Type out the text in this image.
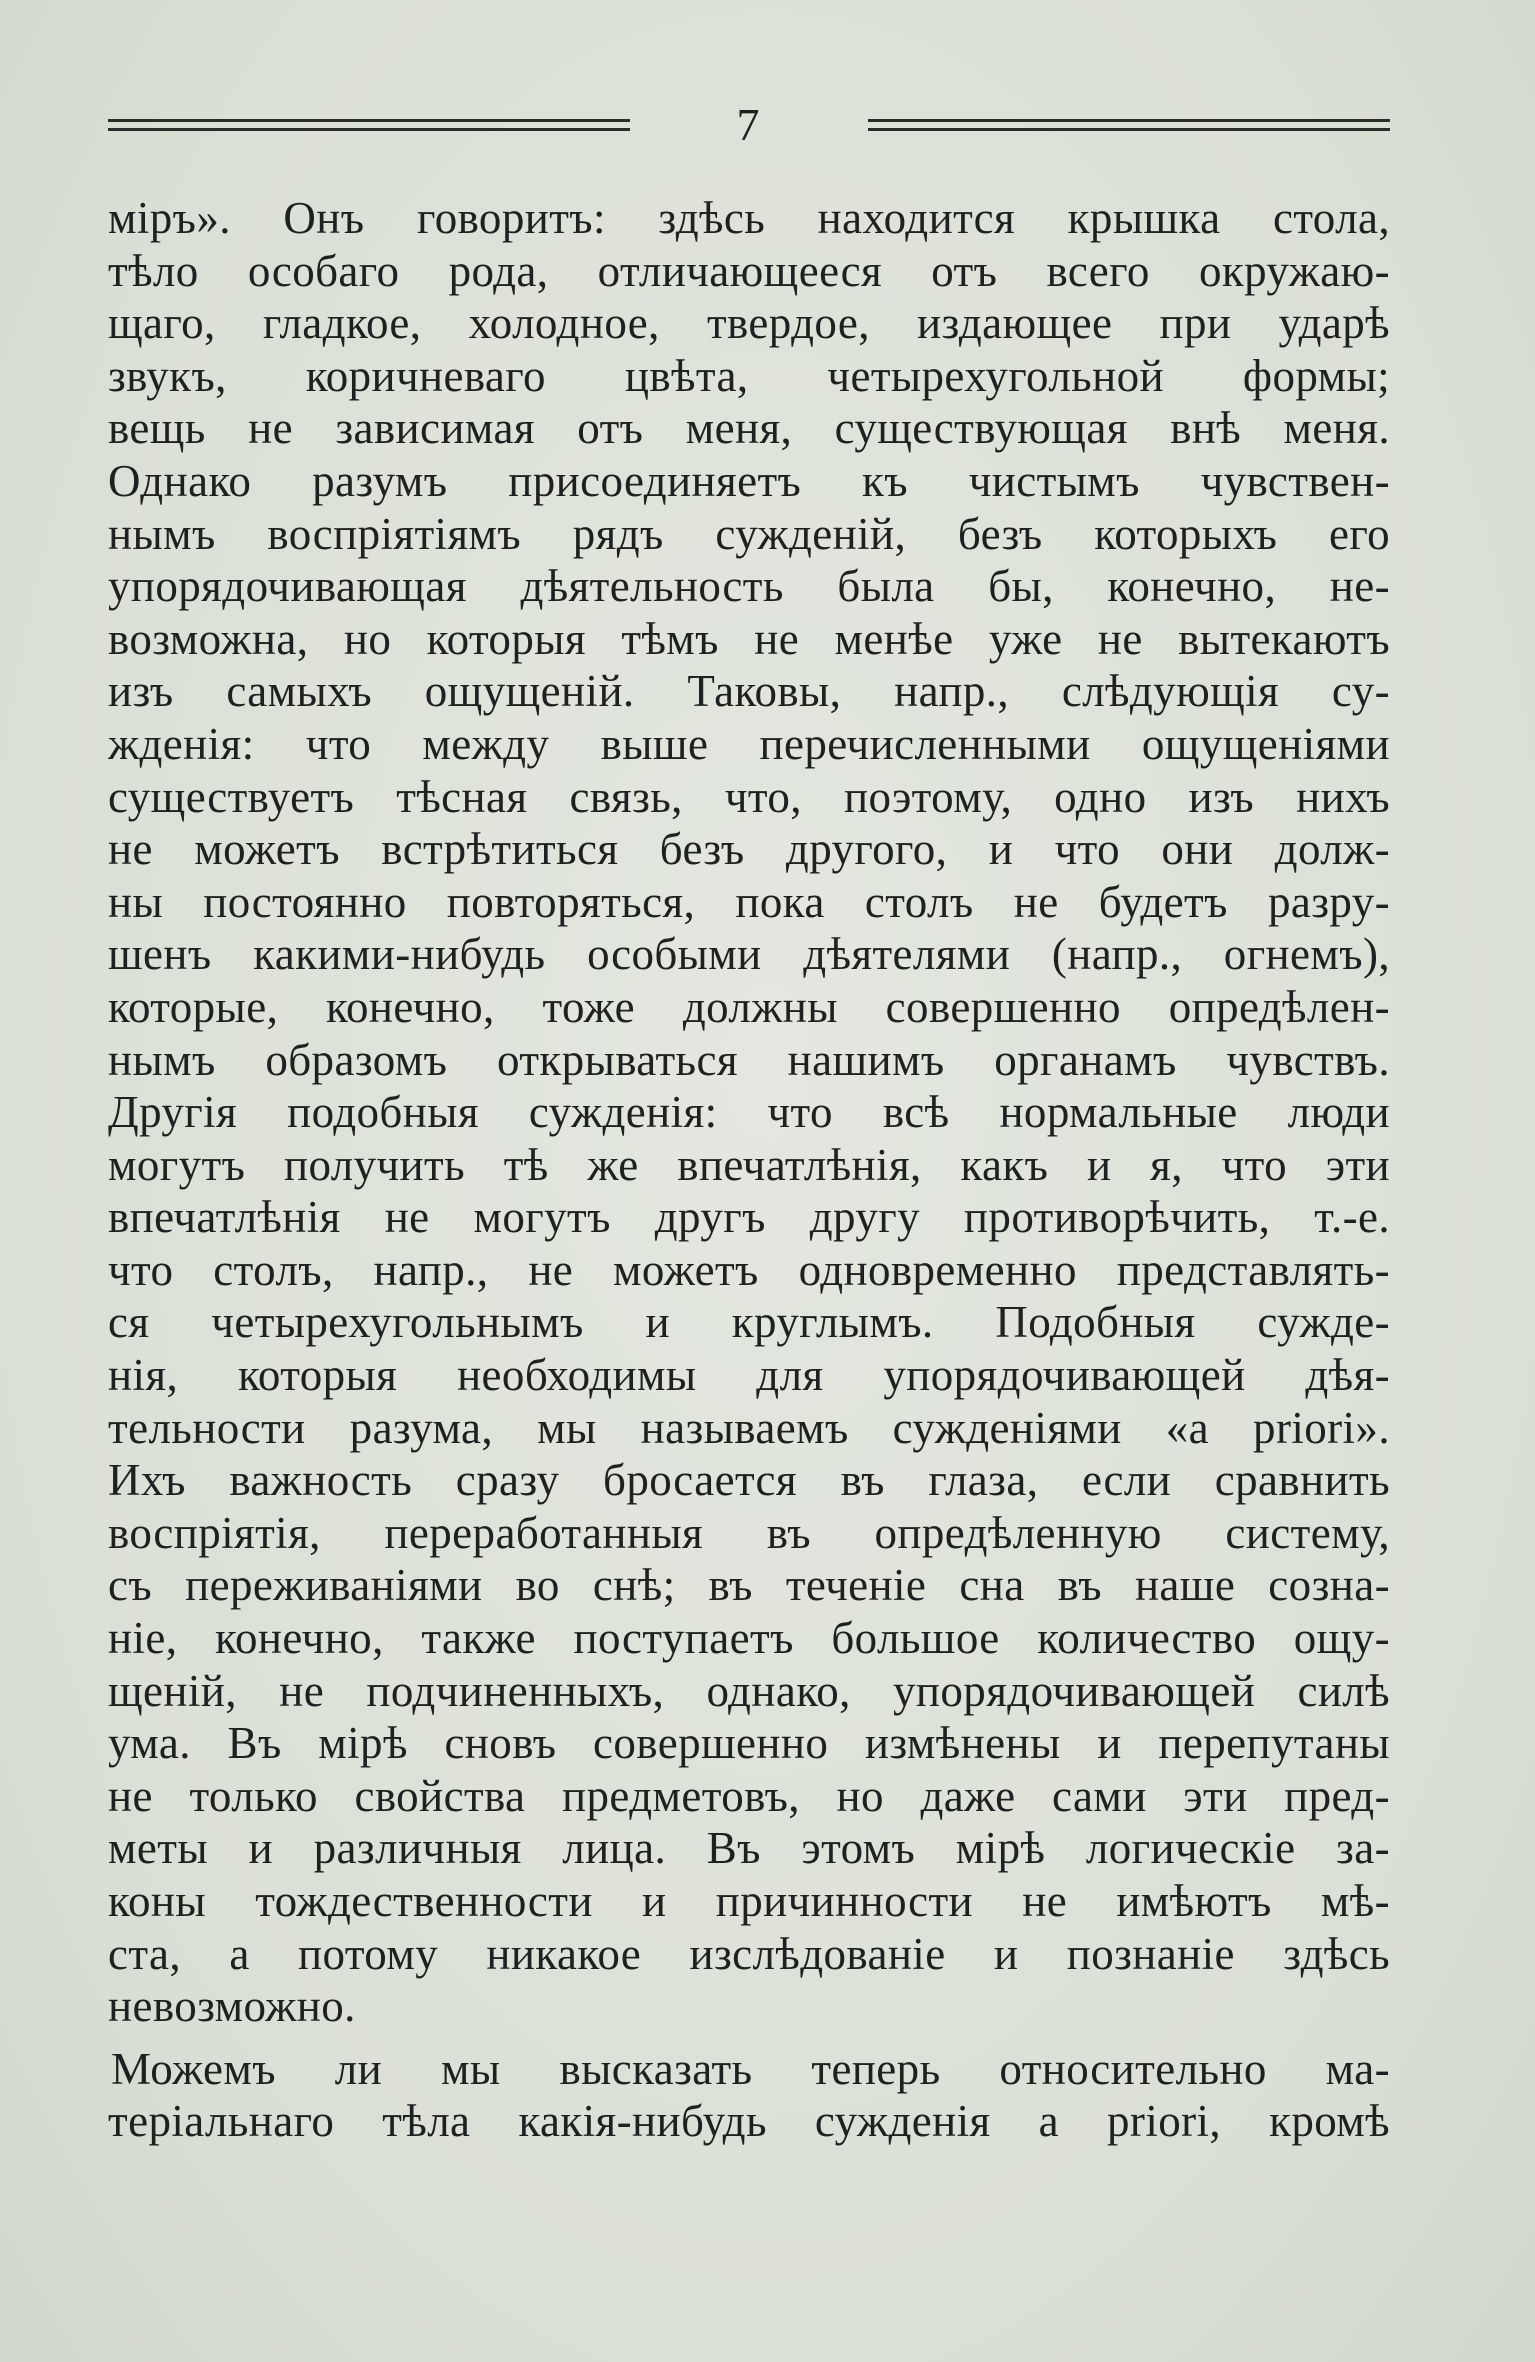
7
міръ». Онъ говоритъ: здѣсь находится крышка стола,
тѣло особаго рода, отличающееся отъ всего окружаю-
щаго, гладкое, холодное, твердое, издающее при ударѣ
звукъ, коричневаго цвѣта, четырехугольной формы;
вещь не зависимая отъ меня, существующая внѣ меня.
Однако разумъ присоединяетъ къ чистымъ чувствен-
нымъ воспріятіямъ рядъ сужденій, безъ которыхъ его
упорядочивающая дѣятельность была бы, конечно, не-
возможна, но которыя тѣмъ не менѣе уже не вытекаютъ
изъ самыхъ ощущеній. Таковы, напр., слѣдующія су-
жденія: что между выше перечисленными ощущеніями
существуетъ тѣсная связь, что, поэтому, одно изъ нихъ
не можетъ встрѣтиться безъ другого, и что они долж-
ны постоянно повторяться, пока столъ не будетъ разру-
шенъ какими-нибудь особыми дѣятелями (напр., огнемъ),
которые, конечно, тоже должны совершенно опредѣлен-
нымъ образомъ открываться нашимъ органамъ чувствъ.
Другія подобныя сужденія: что всѣ нормальные люди
могутъ получить тѣ же впечатлѣнія, какъ и я, что эти
впечатлѣнія не могутъ другъ другу противорѣчить, т.-е.
что столъ, напр., не можетъ одновременно представлять-
ся четырехугольнымъ и круглымъ. Подобныя сужде-
нія, которыя необходимы для упорядочивающей дѣя-
тельности разума, мы называемъ сужденіями «а priori».
Ихъ важность сразу бросается въ глаза, если сравнить
воспріятія, переработанныя въ опредѣленную систему,
съ переживаніями во снѣ; въ теченіе сна въ наше созна-
ніе, конечно, также поступаетъ большое количество ощу-
щеній, не подчиненныхъ, однако, упорядочивающей силѣ
ума. Въ мірѣ сновъ совершенно измѣнены и перепутаны
не только свойства предметовъ, но даже сами эти пред-
меты и различныя лица. Въ этомъ мірѣ логическіе за-
коны тождественности и причинности не имѣютъ мѣ-
ста, а потому никакое изслѣдованіе и познаніе здѣсь
невозможно.
Можемъ ли мы высказать теперь относительно ма-
теріальнаго тѣла какія-нибудь сужденія а priori, кромѣ
